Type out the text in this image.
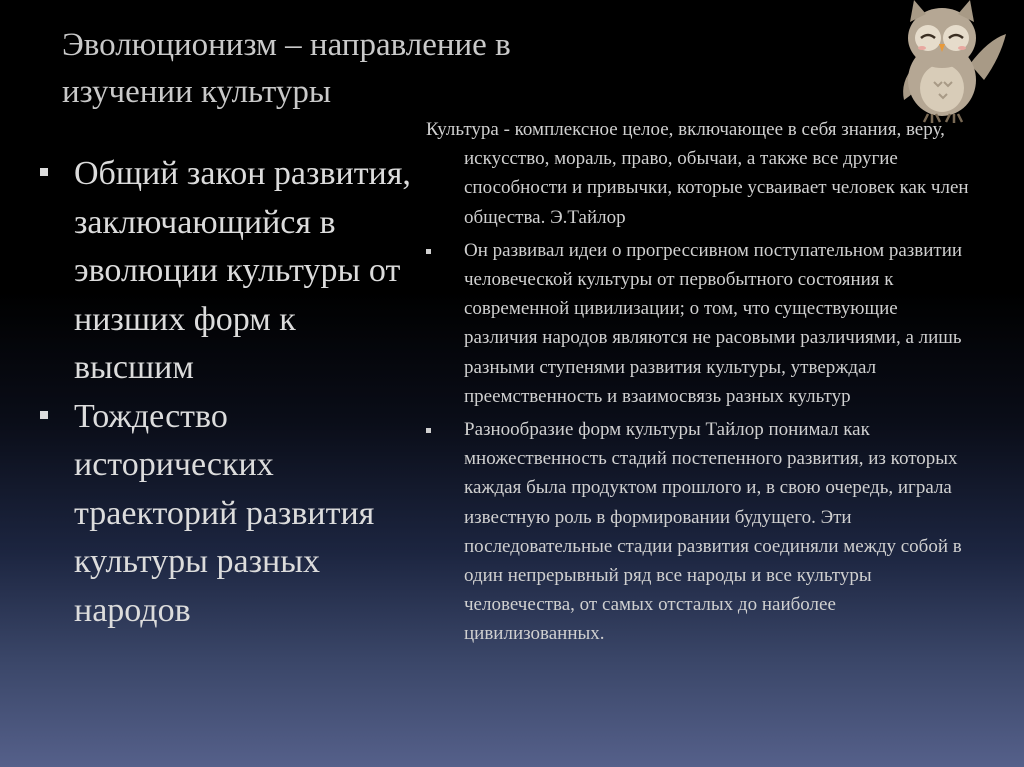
Эволюционизм – направление в изучении культуры
Общий закон развития, заключающийся в эволюции культуры от низших форм к высшим
Тождество исторических траекторий развития культуры разных народов

Культура - комплексное целое, включающее в себя знания, веру, искусство, мораль, право, обычаи, а также все другие способности и привычки, которые усваивает человек как член общества. Э.Тайлор

Он развивал идеи о прогрессивном поступательном развитии человеческой культуры от первобытного состояния к современной цивилизации; о том, что существующие различия народов являются не расовыми различиями, а лишь разными ступенями развития культуры, утверждал преемственность и взаимосвязь разных культур
Разнообразие форм культуры Тайлор понимал как множественность стадий постепенного развития, из которых каждая была продуктом прошлого и, в свою очередь, играла известную роль в формировании будущего. Эти последовательные стадии развития соединяли между собой в один непрерывный ряд все народы и все культуры человечества, от самых отсталых до наиболее цивилизованных.
